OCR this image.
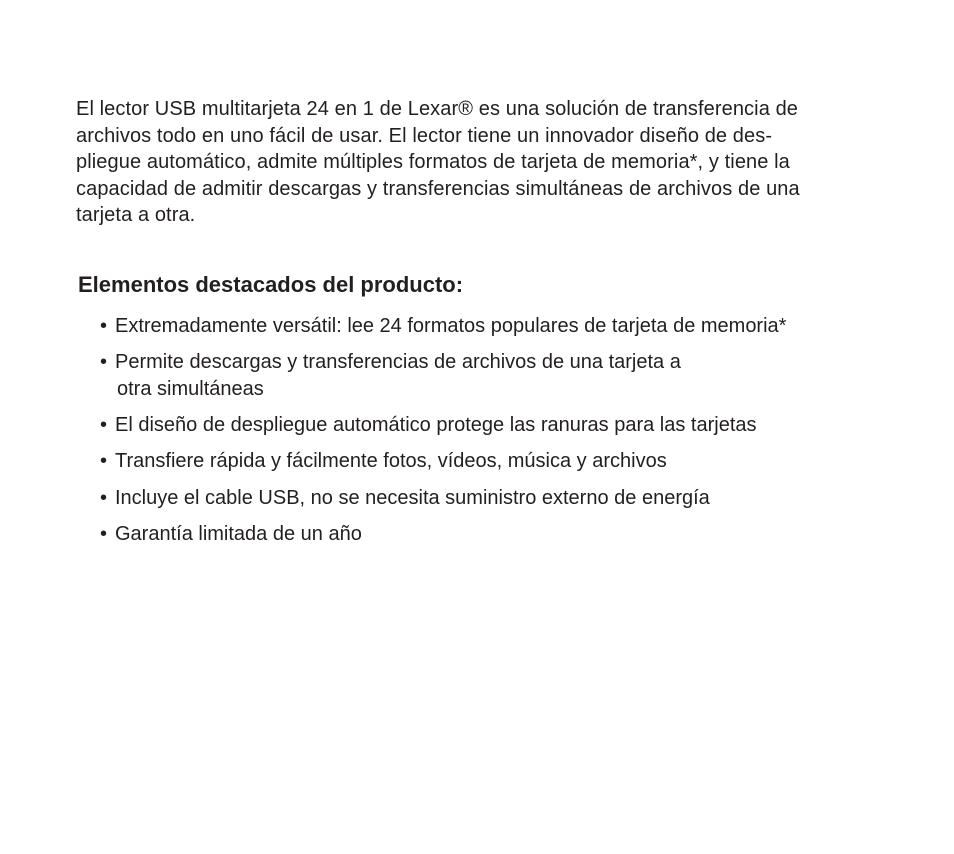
El lector USB multitarjeta 24 en 1 de Lexar® es una solución de transferencia de
archivos todo en uno fácil de usar. El lector tiene un innovador diseño de des-
pliegue automático, admite múltiples formatos de tarjeta de memoria*, y tiene la
capacidad de admitir descargas y transferencias simultáneas de archivos de una
tarjeta a otra.

Elementos destacados del producto:
• Extremadamente versátil: lee 24 formatos populares de tarjeta de memoria*
• Permite descargas y transferencias de archivos de una tarjeta a
otra simultáneas
• El diseño de despliegue automático protege las ranuras para las tarjetas
• Transfiere rápida y fácilmente fotos, vídeos, música y archivos
• Incluye el cable USB, no se necesita suministro externo de energía
• Garantía limitada de un año
